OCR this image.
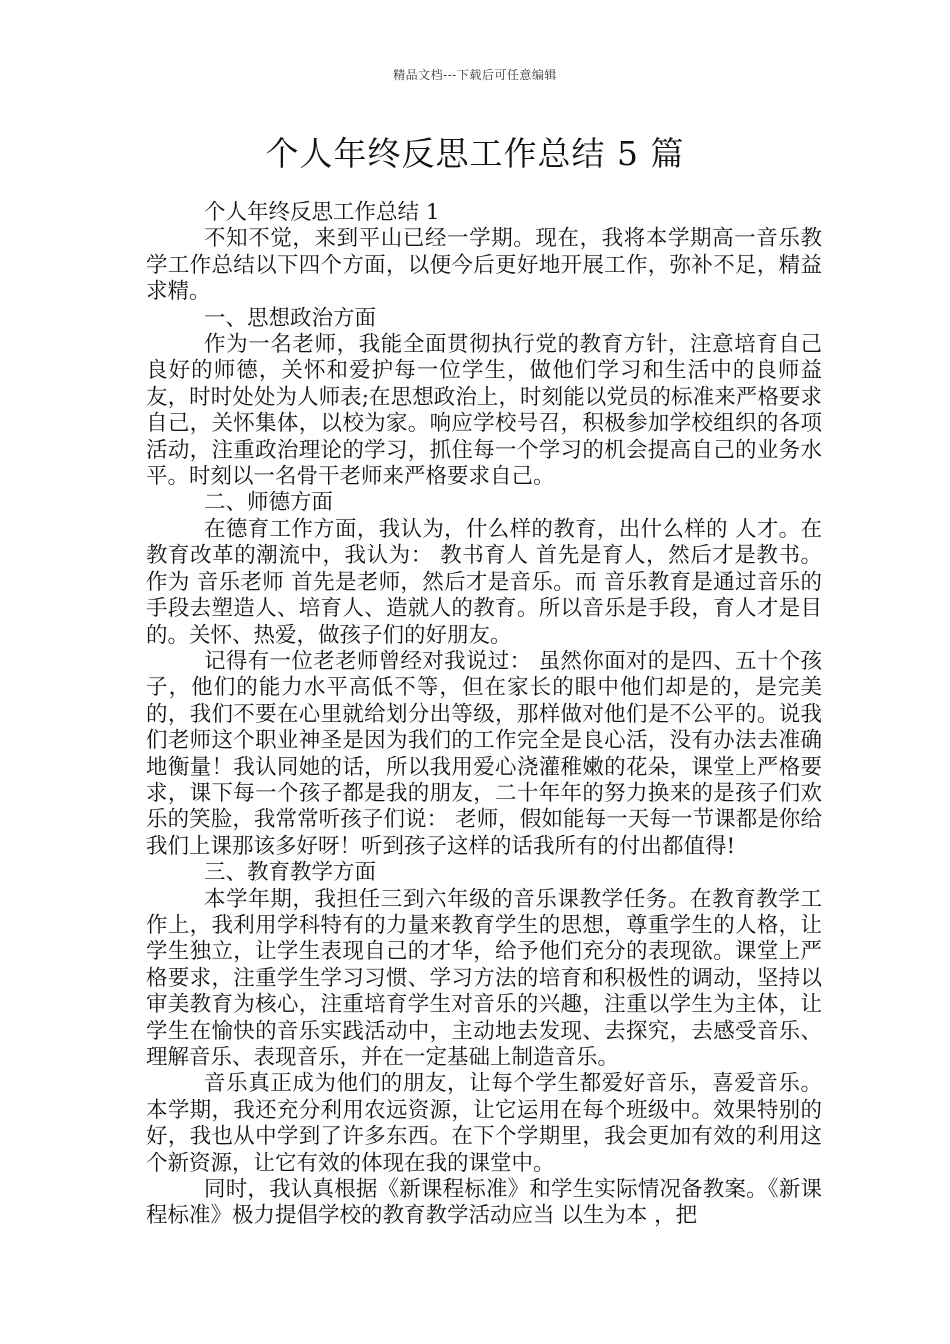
精品文档---下载后可任意编辑
个人年终反思工作总结 5 篇

个人年终反思工作总结 1

不知不觉，来到平山已经一学期。现在，我将本学期高一音乐教学工作总结以下四个方面，以便今后更好地开展工作，弥补不足，精益求精。

一、思想政治方面

作为一名老师，我能全面贯彻执行党的教育方针，注意培育自己良好的师德，关怀和爱护每一位学生，做他们学习和生活中的良师益友，时时处处为人师表;在思想政治上，时刻能以党员的标准来严格要求自己，关怀集体，以校为家。响应学校号召，积极参加学校组织的各项活动，注重政治理论的学习，抓住每一个学习的机会提高自己的业务水平。时刻以一名骨干老师来严格要求自己。

二、师德方面

在德育工作方面，我认为，什么样的教育，出什么样的 人才。在教育改革的潮流中，我认为： 教书育人 首先是育人，然后才是教书。作为 音乐老师 首先是老师，然后才是音乐。而 音乐教育是通过音乐的手段去塑造人、培育人、造就人的教育。所以音乐是手段，育人才是目的。关怀、热爱，做孩子们的好朋友。

记得有一位老老师曾经对我说过： 虽然你面对的是四、五十个孩子，他们的能力水平高低不等，但在家长的眼中他们却是的，是完美的，我们不要在心里就给划分出等级，那样做对他们是不公平的。说我们老师这个职业神圣是因为我们的工作完全是良心活，没有办法去准确地衡量！我认同她的话，所以我用爱心浇灌稚嫩的花朵，课堂上严格要求，课下每一个孩子都是我的朋友，二十年年的努力换来的是孩子们欢乐的笑脸，我常常听孩子们说： 老师，假如能每一天每一节课都是你给我们上课那该多好呀！听到孩子这样的话我所有的付出都值得!

三、教育教学方面

本学年期，我担任三到六年级的音乐课教学任务。在教育教学工作上，我利用学科特有的力量来教育学生的思想，尊重学生的人格，让学生独立，让学生表现自己的才华，给予他们充分的表现欲。课堂上严格要求，注重学生学习习惯、学习方法的培育和积极性的调动，坚持以审美教育为核心，注重培育学生对音乐的兴趣，注重以学生为主体，让学生在愉快的音乐实践活动中，主动地去发现、去探究，去感受音乐、理解音乐、表现音乐，并在一定基础上制造音乐。

音乐真正成为他们的朋友，让每个学生都爱好音乐，喜爱音乐。本学期，我还充分利用农远资源，让它运用在每个班级中。效果特别的好，我也从中学到了许多东西。在下个学期里，我会更加有效的利用这个新资源，让它有效的体现在我的课堂中。

同时，我认真根据《新课程标准》和学生实际情况备教案。《新课程标准》极力提倡学校的教育教学活动应当 以生为本 ，把
